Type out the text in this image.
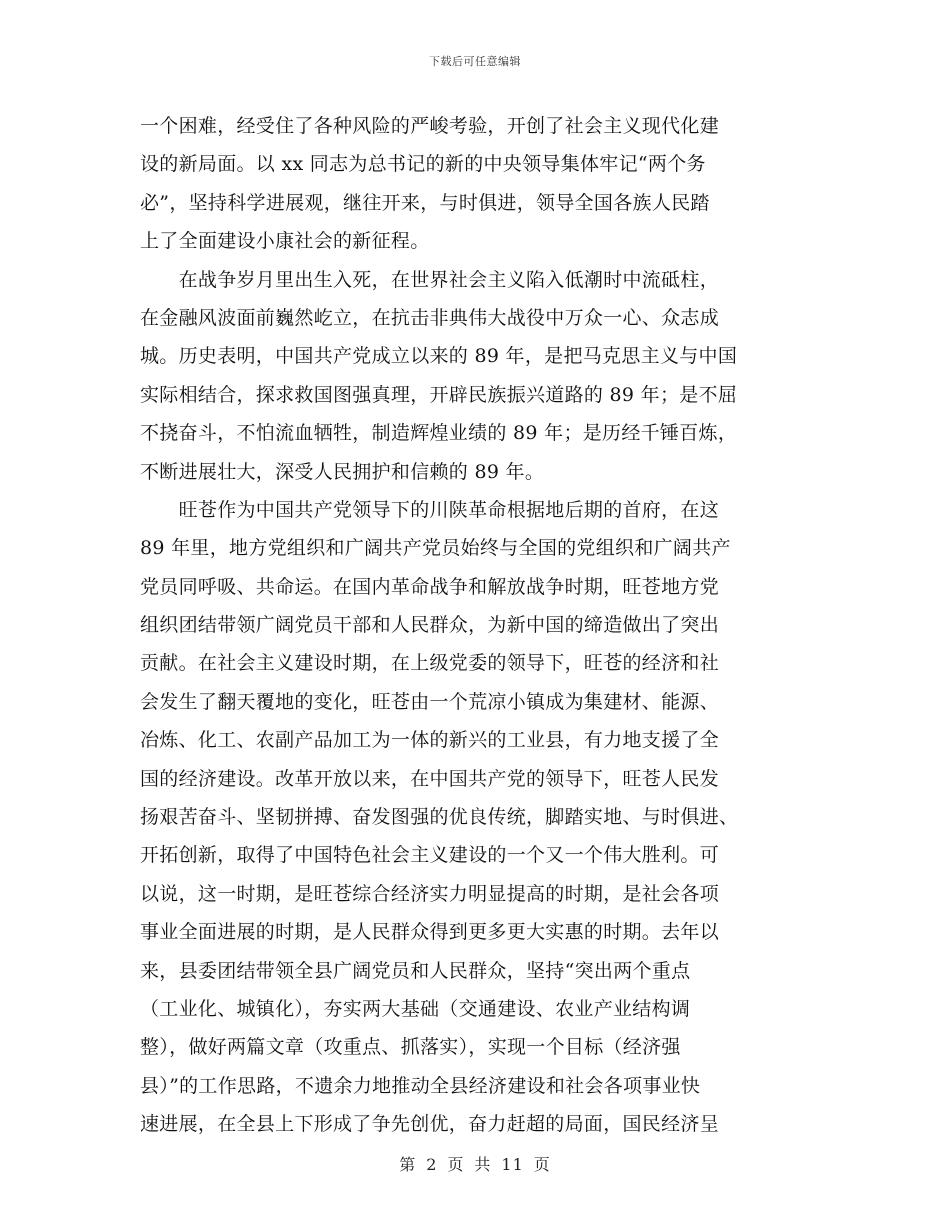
下载后可任意编辑
一个困难，经受住了各种风险的严峻考验，开创了社会主义现代化建
设的新局面。以 xx 同志为总书记的新的中央领导集体牢记“两个务
必”，坚持科学进展观，继往开来，与时俱进，领导全国各族人民踏
上了全面建设小康社会的新征程。
　　在战争岁月里出生入死，在世界社会主义陷入低潮时中流砥柱，
在金融风波面前巍然屹立，在抗击非典伟大战役中万众一心、众志成
城。历史表明，中国共产党成立以来的 89 年，是把马克思主义与中国
实际相结合，探求救国图强真理，开辟民族振兴道路的 89 年；是不屈
不挠奋斗，不怕流血牺牲，制造辉煌业绩的 89 年；是历经千锤百炼，
不断进展壮大，深受人民拥护和信赖的 89 年。
　　旺苍作为中国共产党领导下的川陕革命根据地后期的首府，在这
89 年里，地方党组织和广阔共产党员始终与全国的党组织和广阔共产
党员同呼吸、共命运。在国内革命战争和解放战争时期，旺苍地方党
组织团结带领广阔党员干部和人民群众，为新中国的缔造做出了突出
贡献。在社会主义建设时期，在上级党委的领导下，旺苍的经济和社
会发生了翻天覆地的变化，旺苍由一个荒凉小镇成为集建材、能源、
冶炼、化工、农副产品加工为一体的新兴的工业县，有力地支援了全
国的经济建设。改革开放以来，在中国共产党的领导下，旺苍人民发
扬艰苦奋斗、坚韧拼搏、奋发图强的优良传统，脚踏实地、与时俱进、
开拓创新，取得了中国特色社会主义建设的一个又一个伟大胜利。可
以说，这一时期，是旺苍综合经济实力明显提高的时期，是社会各项
事业全面进展的时期，是人民群众得到更多更大实惠的时期。去年以
来，县委团结带领全县广阔党员和人民群众，坚持“突出两个重点
（工业化、城镇化），夯实两大基础（交通建设、农业产业结构调
整），做好两篇文章（攻重点、抓落实），实现一个目标（经济强
县）”的工作思路，不遗余力地推动全县经济建设和社会各项事业快
速进展，在全县上下形成了争先创优，奋力赶超的局面，国民经济呈
第 2 页 共 11 页
